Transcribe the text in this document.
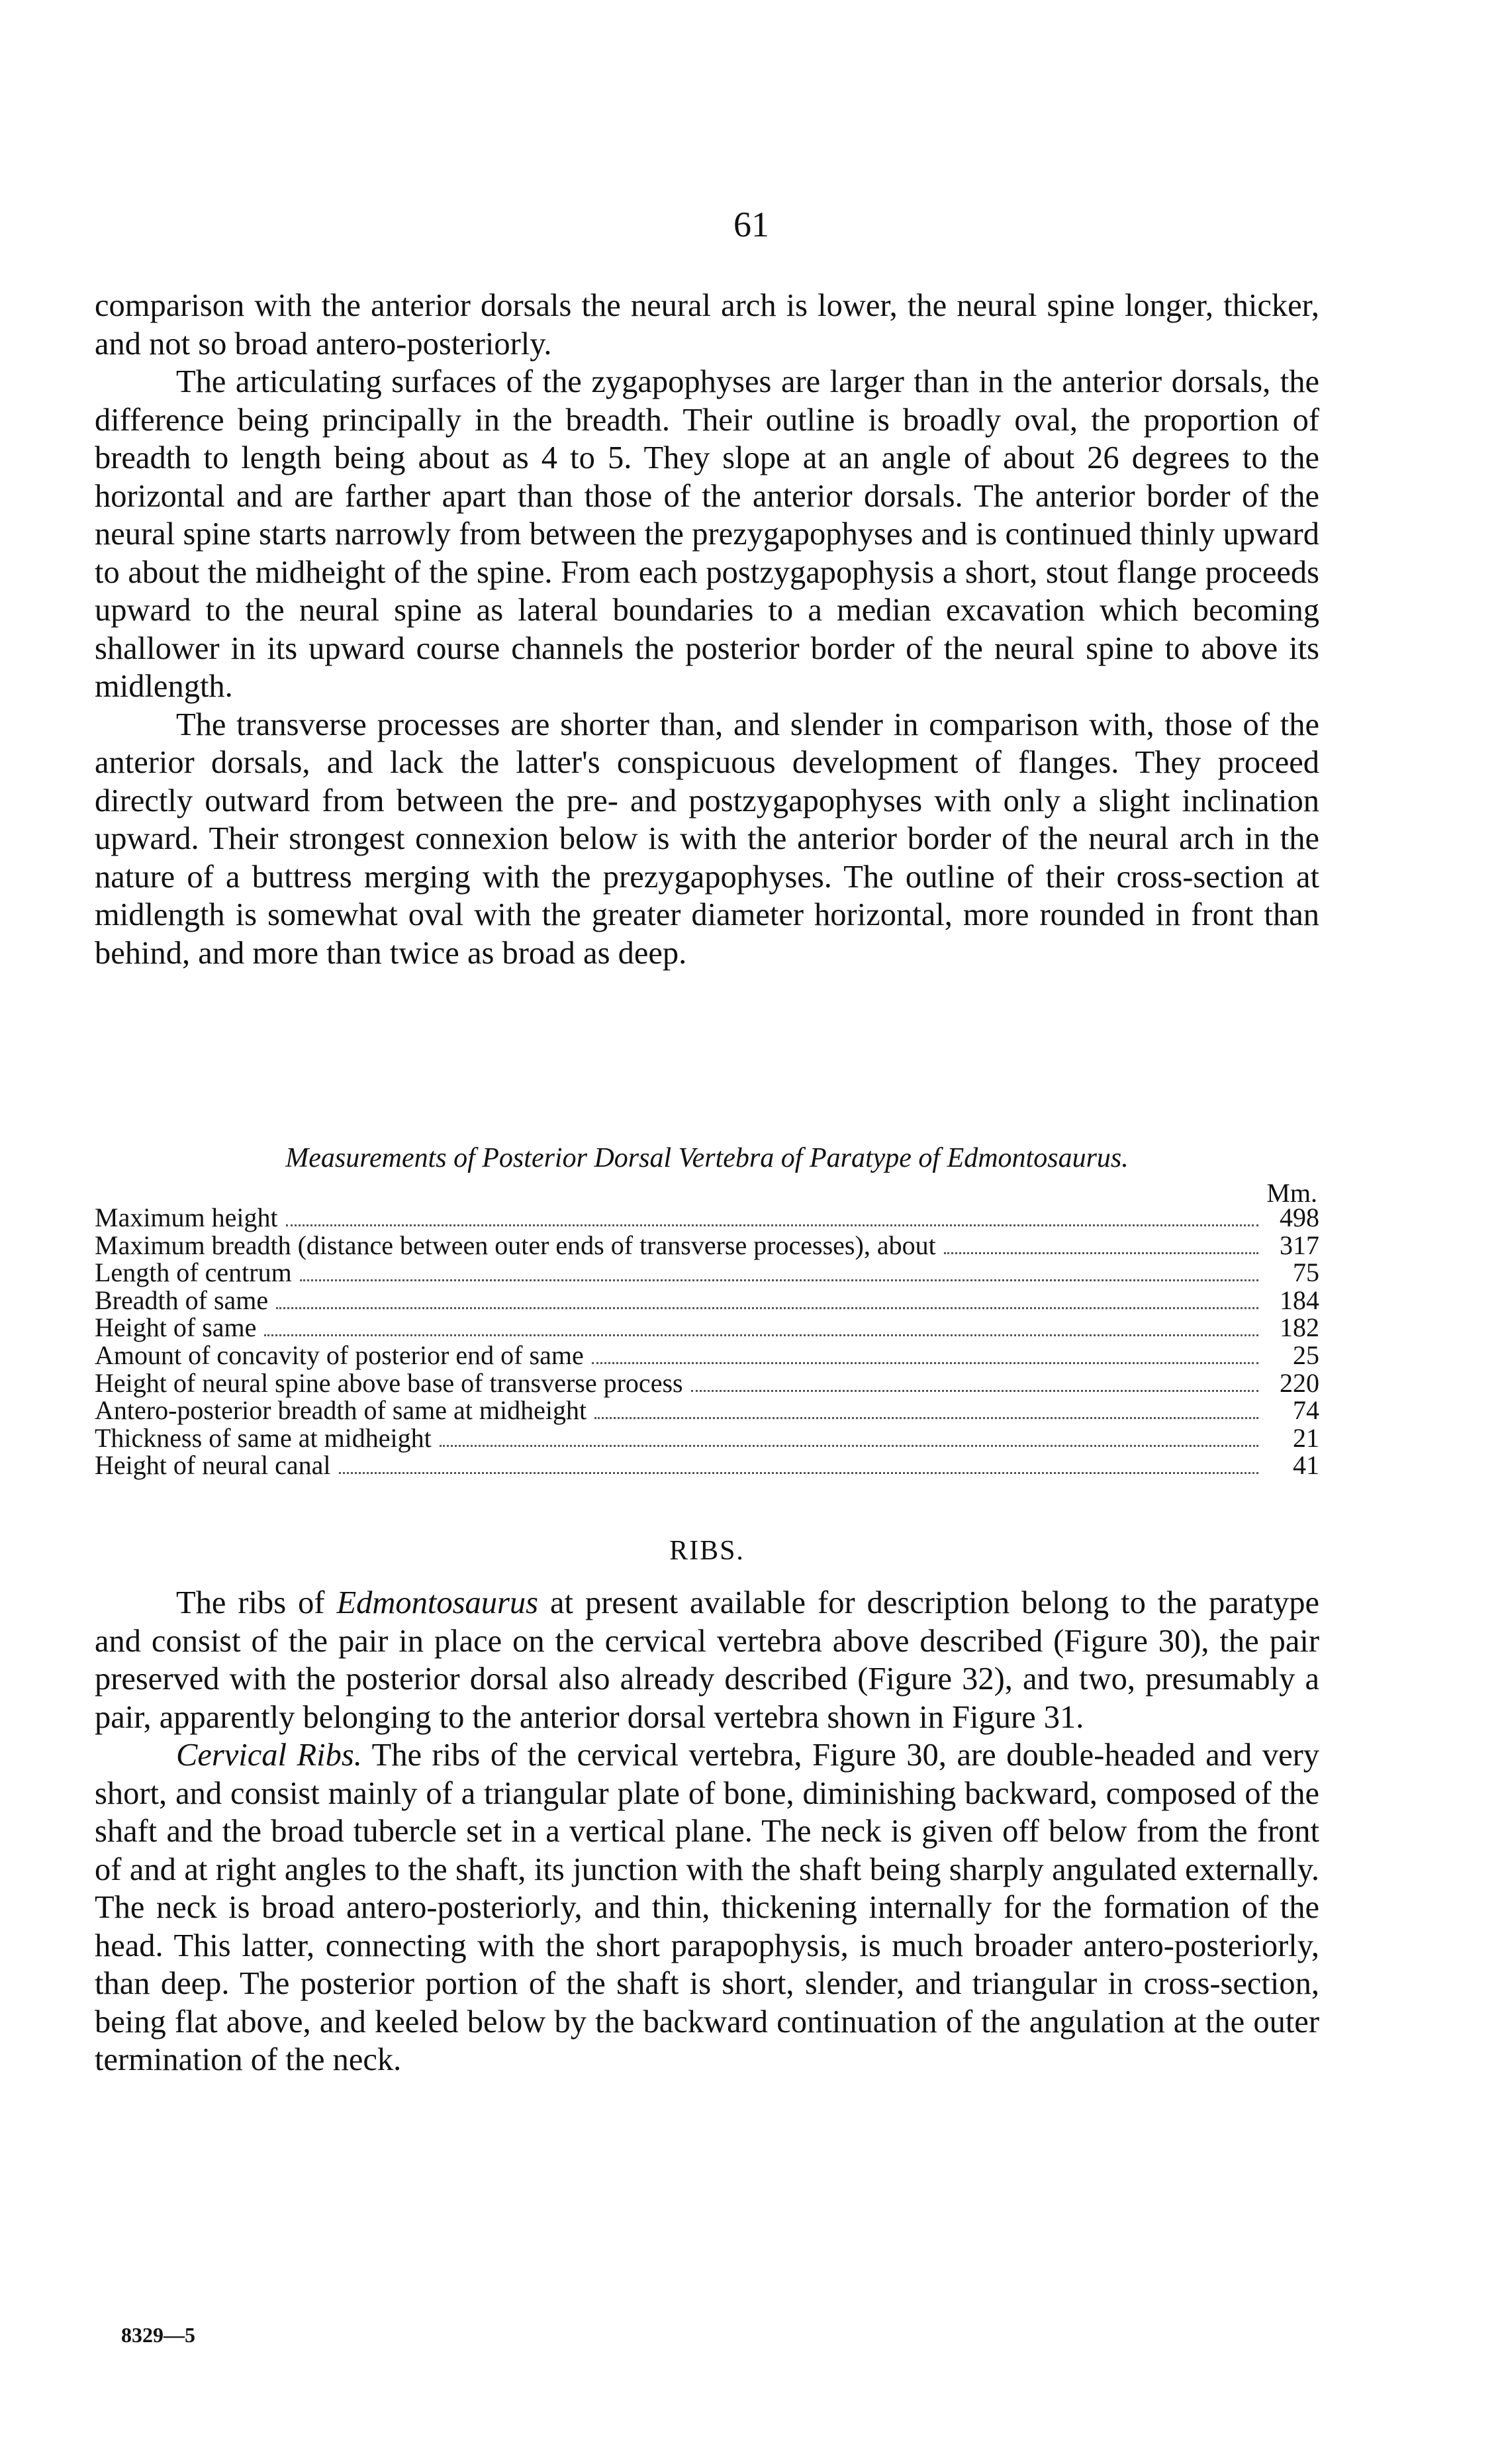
61

comparison with the anterior dorsals the neural arch is lower, the neural spine longer, thicker, and not so broad antero-posteriorly.

The articulating surfaces of the zygapophyses are larger than in the anterior dorsals, the difference being principally in the breadth. Their outline is broadly oval, the proportion of breadth to length being about as 4 to 5. They slope at an angle of about 26 degrees to the horizontal and are farther apart than those of the anterior dorsals. The anterior border of the neural spine starts narrowly from between the prezygapophyses and is continued thinly upward to about the midheight of the spine. From each postzygapophysis a short, stout flange proceeds upward to the neural spine as lateral boundaries to a median excavation which becoming shallower in its upward course channels the posterior border of the neural spine to above its midlength.

The transverse processes are shorter than, and slender in comparison with, those of the anterior dorsals, and lack the latter's conspicuous development of flanges. They proceed directly outward from between the pre- and postzygapophyses with only a slight inclination upward. Their strongest connexion below is with the anterior border of the neural arch in the nature of a buttress merging with the prezygapophyses. The outline of their cross-section at midlength is somewhat oval with the greater diameter horizontal, more rounded in front than behind, and more than twice as broad as deep.

Measurements of Posterior Dorsal Vertebra of Paratype of Edmontosaurus.
Mm.
Maximum height	498
Maximum breadth (distance between outer ends of transverse processes), about	317
Length of centrum	75
Breadth of same	184
Height of same	182
Amount of concavity of posterior end of same	25
Height of neural spine above base of transverse process	220
Antero-posterior breadth of same at midheight	74
Thickness of same at midheight	21
Height of neural canal	41
RIBS.

The ribs of Edmontosaurus at present available for description belong to the paratype and consist of the pair in place on the cervical vertebra above described (Figure 30), the pair preserved with the posterior dorsal also already described (Figure 32), and two, presumably a pair, apparently belonging to the anterior dorsal vertebra shown in Figure 31.

Cervical Ribs. The ribs of the cervical vertebra, Figure 30, are double-headed and very short, and consist mainly of a triangular plate of bone, diminishing backward, composed of the shaft and the broad tubercle set in a vertical plane. The neck is given off below from the front of and at right angles to the shaft, its junction with the shaft being sharply angulated externally. The neck is broad antero-posteriorly, and thin, thickening internally for the formation of the head. This latter, connecting with the short parapophysis, is much broader antero-posteriorly, than deep. The posterior portion of the shaft is short, slender, and triangular in cross-section, being flat above, and keeled below by the backward continuation of the angulation at the outer termination of the neck.

8329—5
